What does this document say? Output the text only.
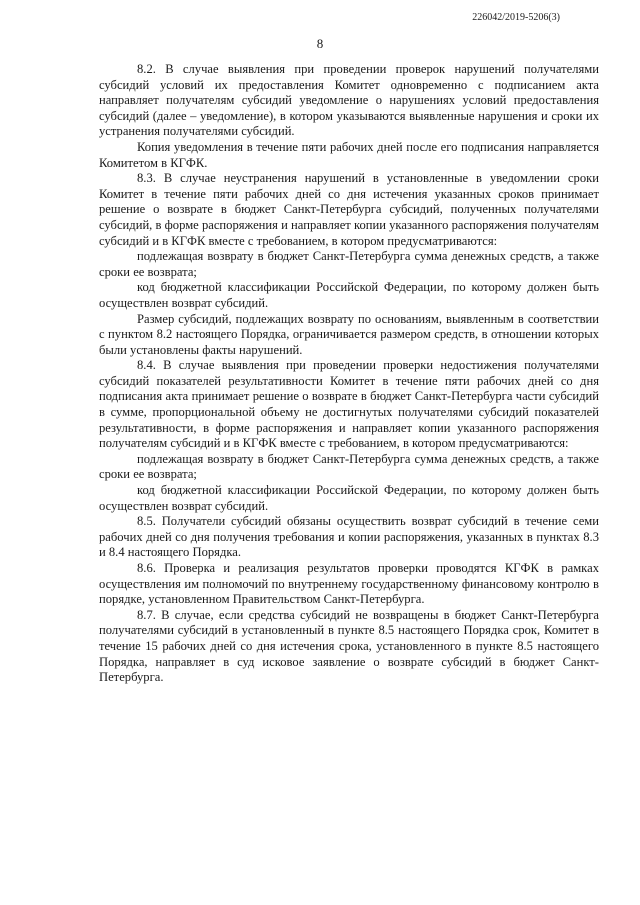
226042/2019-5206(3)
8

8.2. В случае выявления при проведении проверок нарушений получателями субсидий условий их предоставления Комитет одновременно с подписанием акта направляет получателям субсидий уведомление о нарушениях условий предоставления субсидий (далее – уведомление), в котором указываются выявленные нарушения и сроки их устранения получателями субсидий.

Копия уведомления в течение пяти рабочих дней после его подписания направляется Комитетом в КГФК.

8.3. В случае неустранения нарушений в установленные в уведомлении сроки Комитет в течение пяти рабочих дней со дня истечения указанных сроков принимает решение о возврате в бюджет Санкт-Петербурга субсидий, полученных получателями субсидий, в форме распоряжения и направляет копии указанного распоряжения получателям субсидий и в КГФК вместе с требованием, в котором предусматриваются:

подлежащая возврату в бюджет Санкт-Петербурга сумма денежных средств, а также сроки ее возврата;

код бюджетной классификации Российской Федерации, по которому должен быть осуществлен возврат субсидий.

Размер субсидий, подлежащих возврату по основаниям, выявленным в соответствии с пунктом 8.2 настоящего Порядка, ограничивается размером средств, в отношении которых были установлены факты нарушений.

8.4. В случае выявления при проведении проверки недостижения получателями субсидий показателей результативности Комитет в течение пяти рабочих дней со дня подписания акта принимает решение о возврате в бюджет Санкт-Петербурга части субсидий в сумме, пропорциональной объему не достигнутых получателями субсидий показателей результативности, в форме распоряжения и направляет копии указанного распоряжения получателям субсидий и в КГФК вместе с требованием, в котором предусматриваются:

подлежащая возврату в бюджет Санкт-Петербурга сумма денежных средств, а также сроки ее возврата;

код бюджетной классификации Российской Федерации, по которому должен быть осуществлен возврат субсидий.

8.5. Получатели субсидий обязаны осуществить возврат субсидий в течение семи рабочих дней со дня получения требования и копии распоряжения, указанных в пунктах 8.3 и 8.4 настоящего Порядка.

8.6. Проверка и реализация результатов проверки проводятся КГФК в рамках осуществления им полномочий по внутреннему государственному финансовому контролю в порядке, установленном Правительством Санкт-Петербурга.

8.7. В случае, если средства субсидий не возвращены в бюджет Санкт-Петербурга получателями субсидий в установленный в пункте 8.5 настоящего Порядка срок, Комитет в течение 15 рабочих дней со дня истечения срока, установленного в пункте 8.5 настоящего Порядка, направляет в суд исковое заявление о возврате субсидий в бюджет Санкт-Петербурга.
